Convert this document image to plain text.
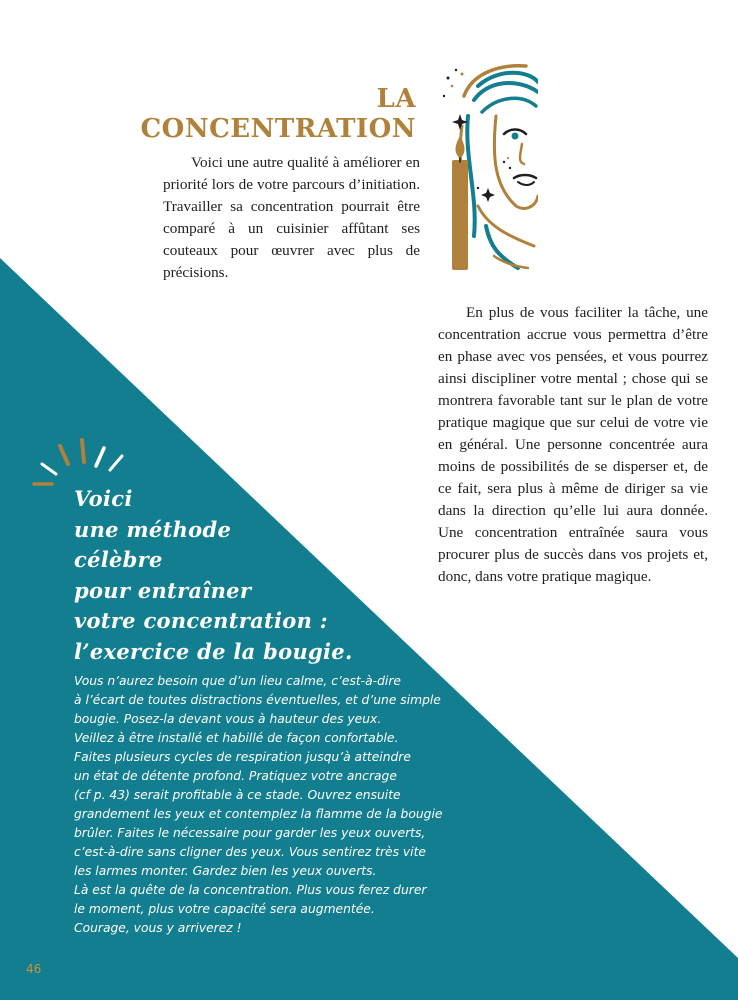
LA
CONCENTRATION

Voici une autre qualité à améliorer en priorité lors de votre parcours d’initiation. Travailler sa concentration pourrait être comparé à un cuisinier affûtant ses couteaux pour œuvrer avec plus de précisions.

En plus de vous faciliter la tâche, une concentration accrue vous permettra d’être en phase avec vos pensées, et vous pourrez ainsi discipliner votre mental ; chose qui se montrera favorable tant sur le plan de votre pratique magique que sur celui de votre vie en général. Une personne concentrée aura moins de possibilités de se disperser et, de ce fait, sera plus à même de diriger sa vie dans la direction qu’elle lui aura donnée. Une concentration entraînée saura vous procurer plus de succès dans vos projets et, donc, dans votre pratique magique.

Voici
une méthode
célèbre
pour entraîner
votre concentration :
l’exercice de la bougie.

Vous n’aurez besoin que d’un lieu calme, c’est-à-dire
à l’écart de toutes distractions éventuelles, et d’une simple
bougie. Posez-la devant vous à hauteur des yeux.
Veillez à être installé et habillé de façon confortable.
Faites plusieurs cycles de respiration jusqu’à atteindre
un état de détente profond. Pratiquez votre ancrage
(cf p. 43) serait profitable à ce stade. Ouvrez ensuite
grandement les yeux et contemplez la flamme de la bougie
brûler. Faites le nécessaire pour garder les yeux ouverts,
c’est-à-dire sans cligner des yeux. Vous sentirez très vite
les larmes monter. Gardez bien les yeux ouverts.
Là est la quête de la concentration. Plus vous ferez durer
le moment, plus votre capacité sera augmentée.
Courage, vous y arriverez !

46
